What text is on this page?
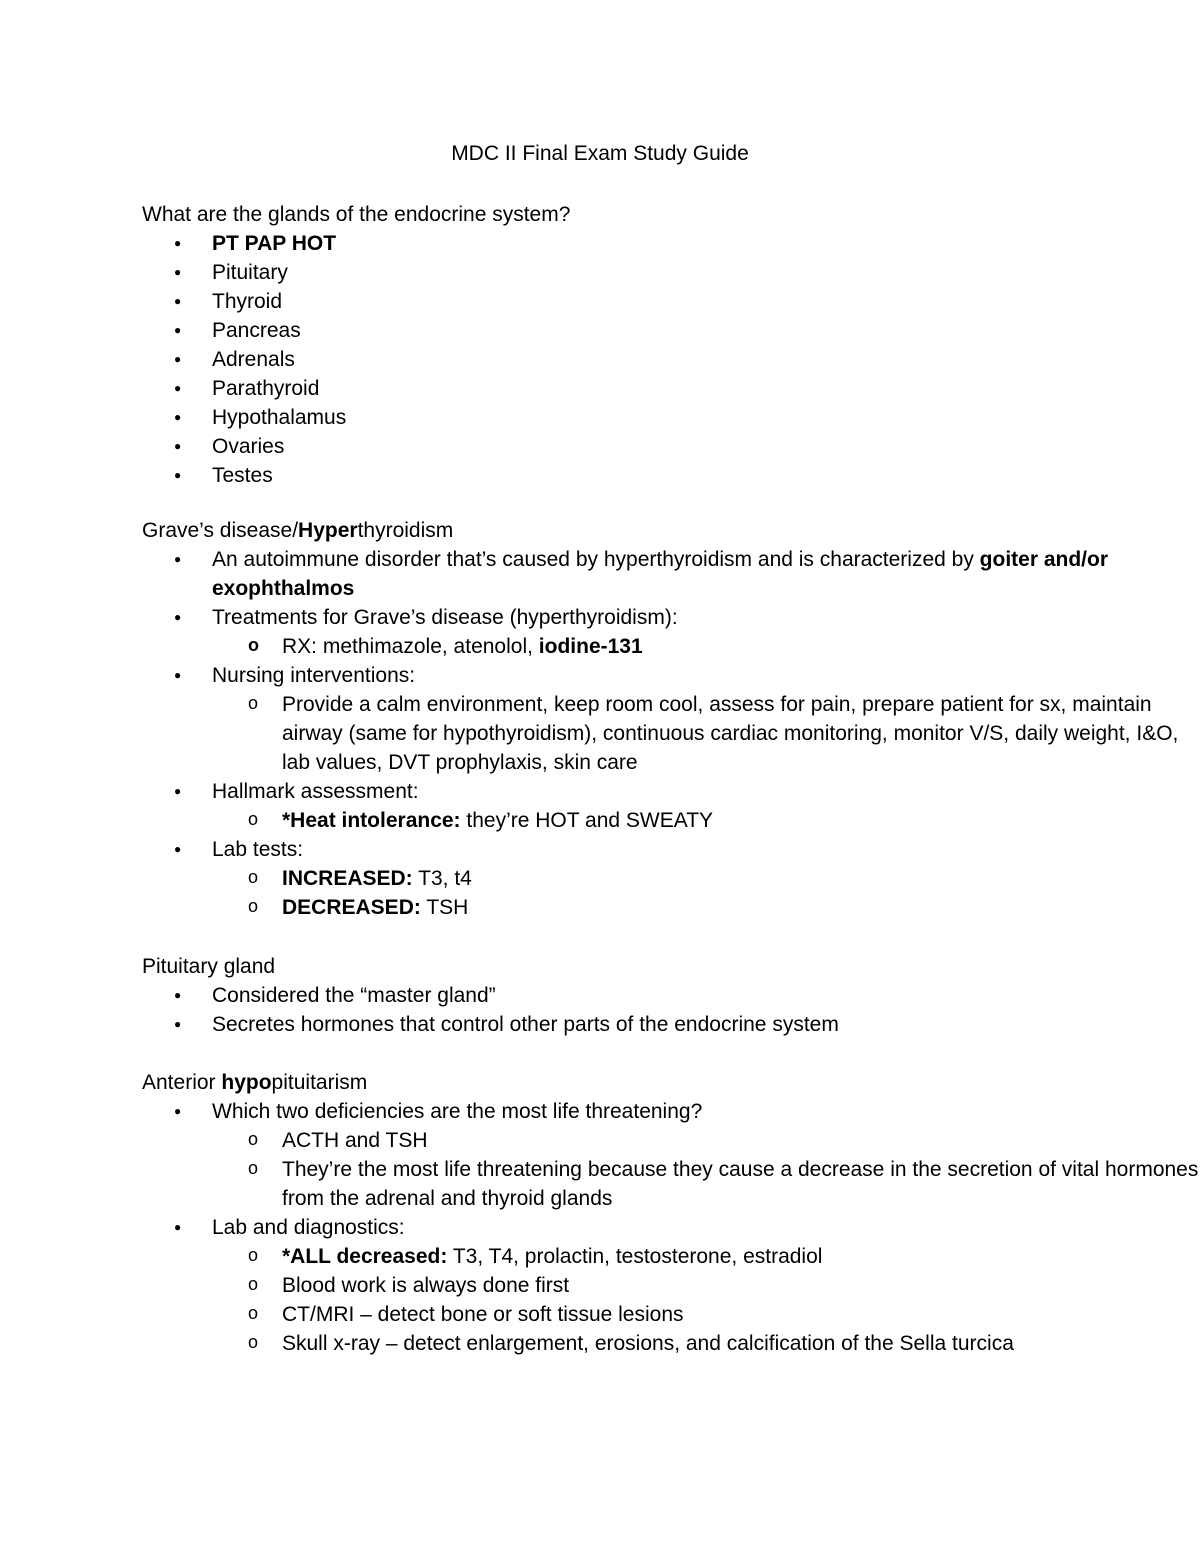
MDC II Final Exam Study Guide
What are the glands of the endocrine system?
● PT PAP HOT
● Pituitary
● Thyroid
● Pancreas
● Adrenals
● Parathyroid
● Hypothalamus
● Ovaries
● Testes
Grave’s disease/Hyperthyroidism
● An autoimmune disorder that’s caused by hyperthyroidism and is characterized by goiter and/or exophthalmos
● Treatments for Grave’s disease (hyperthyroidism):
o RX: methimazole, atenolol, iodine-131
● Nursing interventions:
o Provide a calm environment, keep room cool, assess for pain, prepare patient for sx, maintain airway (same for hypothyroidism), continuous cardiac monitoring, monitor V/S, daily weight, I&O, lab values, DVT prophylaxis, skin care
● Hallmark assessment:
o *Heat intolerance: they’re HOT and SWEATY
● Lab tests:
o INCREASED: T3, t4
o DECREASED: TSH
Pituitary gland
● Considered the “master gland”
● Secretes hormones that control other parts of the endocrine system
Anterior hypopituitarism
● Which two deficiencies are the most life threatening?
o ACTH and TSH
o They’re the most life threatening because they cause a decrease in the secretion of vital hormones from the adrenal and thyroid glands
● Lab and diagnostics:
o *ALL decreased: T3, T4, prolactin, testosterone, estradiol
o Blood work is always done first
o CT/MRI – detect bone or soft tissue lesions
o Skull x-ray – detect enlargement, erosions, and calcification of the Sella turcica
